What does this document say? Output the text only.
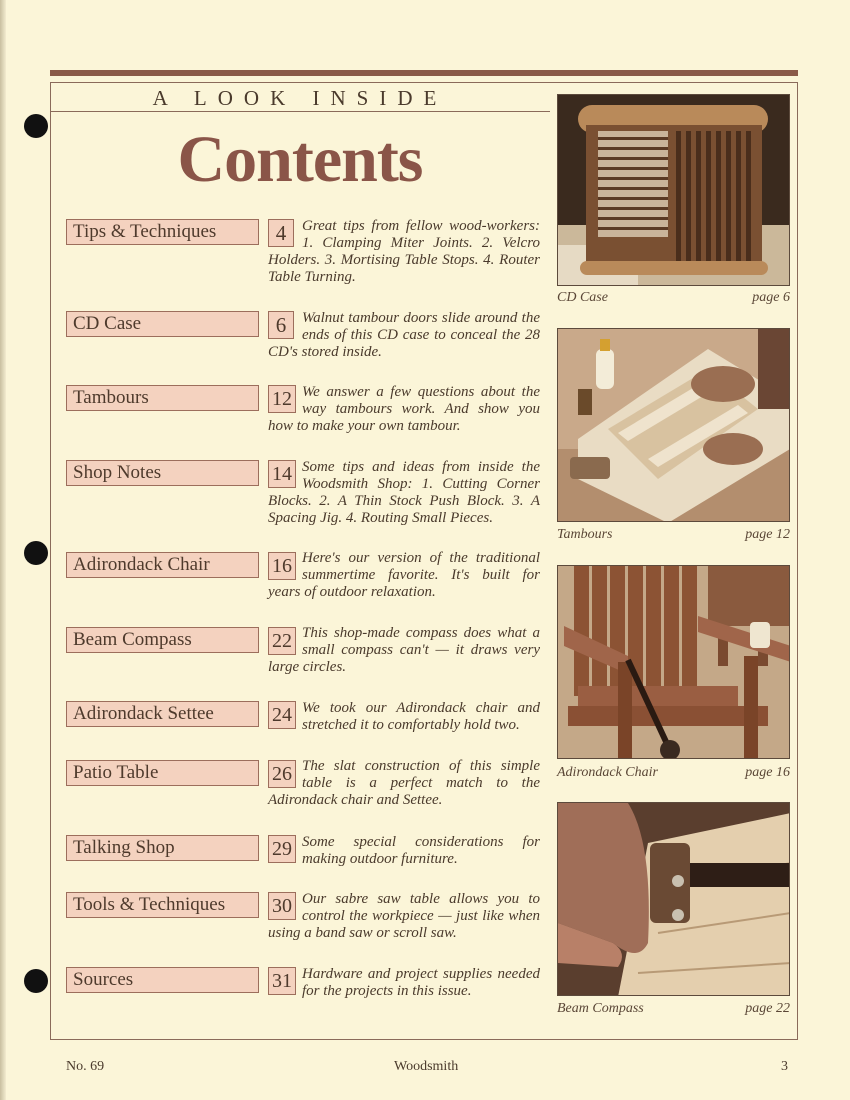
A LOOK INSIDE
Contents
Tips & Techniques	4	Great tips from fellow wood-workers: 1. Clamping Miter Joints. 2. Velcro Holders. 3. Mortising Table Stops. 4. Router Table Turning.
CD Case	6	Walnut tambour doors slide around the ends of this CD case to conceal the 28 CD's stored inside.
Tambours	12 We answer a few questions about the way tambours work. And show you how to make your own tambour.
Shop Notes	14 Some tips and ideas from inside the Woodsmith Shop: 1. Cutting Corner Blocks. 2. A Thin Stock Push Block. 3. A Spacing Jig. 4. Routing Small Pieces.
Adirondack Chair	16 Here's our version of the traditional summertime favorite. It's built for years of outdoor relaxation.
Beam Compass	22 This shop-made compass does what a small compass can't — it draws very large circles.
Adirondack Settee	24 We took our Adirondack chair and stretched it to comfortably hold two.
Patio Table	26 The slat construction of this simple table is a perfect match to the Adirondack chair and Settee.
Talking Shop	29 Some special considerations for making outdoor furniture.
Tools & Techniques	30 Our sabre saw table allows you to control the workpiece — just like when using a band saw or scroll saw.
Sources	31 Hardware and project supplies needed for the projects in this issue.
CD Case	page 6
Tambours	page 12
Adirondack Chair	page 16
Beam Compass	page 22
No. 69	Woodsmith	3
